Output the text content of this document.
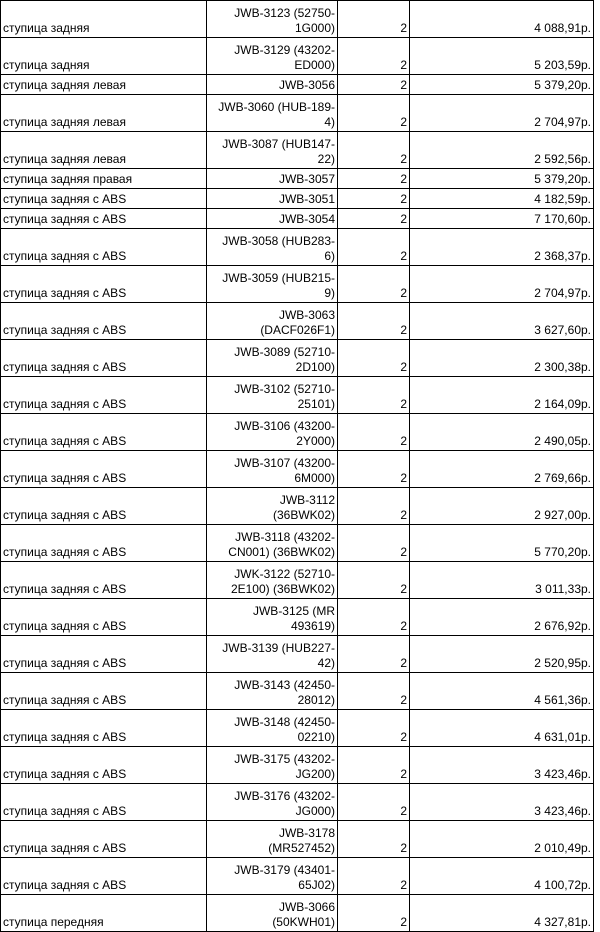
ступица задняя	JWB-3123 (52750-
1G000)	2	4 088,91р.
ступица задняя	JWB-3129 (43202-
ED000)	2	5 203,59р.
ступица задняя левая	JWB-3056	2	5 379,20р.
ступица задняя левая	JWB-3060 (HUB-189-
4)	2	2 704,97р.
ступица задняя левая	JWB-3087 (HUB147-
22)	2	2 592,56р.
ступица задняя правая	JWB-3057	2	5 379,20р.
ступица задняя с ABS	JWB-3051	2	4 182,59р.
ступица задняя с ABS	JWB-3054	2	7 170,60р.
ступица задняя с ABS	JWB-3058 (HUB283-
6)	2	2 368,37р.
ступица задняя с ABS	JWB-3059 (HUB215-
9)	2	2 704,97р.
ступица задняя с ABS	JWB-3063
(DACF026F1)	2	3 627,60р.
ступица задняя с ABS	JWB-3089 (52710-
2D100)	2	2 300,38р.
ступица задняя с ABS	JWB-3102 (52710-
25101)	2	2 164,09р.
ступица задняя с ABS	JWB-3106 (43200-
2Y000)	2	2 490,05р.
ступица задняя с ABS	JWB-3107 (43200-
6M000)	2	2 769,66р.
ступица задняя с ABS	JWB-3112
(36BWK02)	2	2 927,00р.
ступица задняя с ABS	JWB-3118 (43202-
CN001) (36BWK02)	2	5 770,20р.
ступица задняя с ABS	JWK-3122 (52710-
2E100) (36BWK02)	2	3 011,33р.
ступица задняя с ABS	JWB-3125 (MR
493619)	2	2 676,92р.
ступица задняя с ABS	JWB-3139 (HUB227-
42)	2	2 520,95р.
ступица задняя с ABS	JWB-3143 (42450-
28012)	2	4 561,36р.
ступица задняя с ABS	JWB-3148 (42450-
02210)	2	4 631,01р.
ступица задняя с ABS	JWB-3175 (43202-
JG200)	2	3 423,46р.
ступица задняя с ABS	JWB-3176 (43202-
JG000)	2	3 423,46р.
ступица задняя с ABS	JWB-3178
(MR527452)	2	2 010,49р.
ступица задняя с ABS	JWB-3179 (43401-
65J02)	2	4 100,72р.
ступица передняя	JWB-3066
(50KWH01)	2	4 327,81р.
